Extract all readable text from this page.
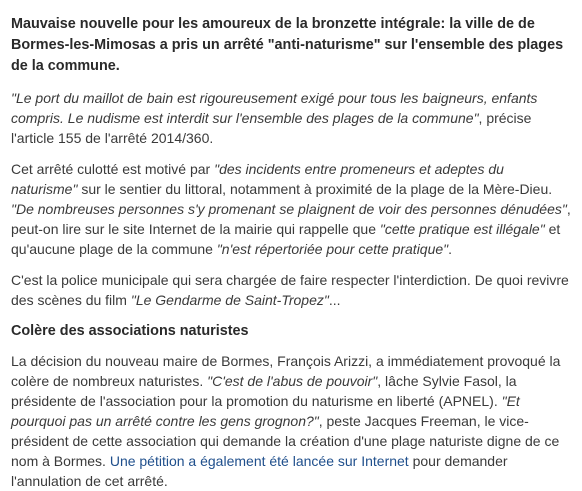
Mauvaise nouvelle pour les amoureux de la bronzette intégrale: la ville de de Bormes-les-Mimosas a pris un arrêté "anti-naturisme" sur l'ensemble des plages de la commune.

"Le port du maillot de bain est rigoureusement exigé pour tous les baigneurs, enfants compris. Le nudisme est interdit sur l'ensemble des plages de la commune", précise l'article 155 de l'arrêté 2014/360.

Cet arrêté culotté est motivé par "des incidents entre promeneurs et adeptes du naturisme" sur le sentier du littoral, notamment à proximité de la plage de la Mère-Dieu. "De nombreuses personnes s'y promenant se plaignent de voir des personnes dénudées", peut-on lire sur le site Internet de la mairie qui rappelle que "cette pratique est illégale" et qu'aucune plage de la commune "n'est répertoriée pour cette pratique".

C'est la police municipale qui sera chargée de faire respecter l'interdiction. De quoi revivre des scènes du film "Le Gendarme de Saint-Tropez"...

Colère des associations naturistes

La décision du nouveau maire de Bormes, François Arizzi, a immédiatement provoqué la colère de nombreux naturistes. "C'est de l'abus de pouvoir", lâche Sylvie Fasol, la présidente de l'association pour la promotion du naturisme en liberté (APNEL). "Et pourquoi pas un arrêté contre les gens grognon?", peste Jacques Freeman, le vice-président de cette association qui demande la création d'une plage naturiste digne de ce nom à Bormes. Une pétition a également été lancée sur Internet pour demander l'annulation de cet arrêté.
